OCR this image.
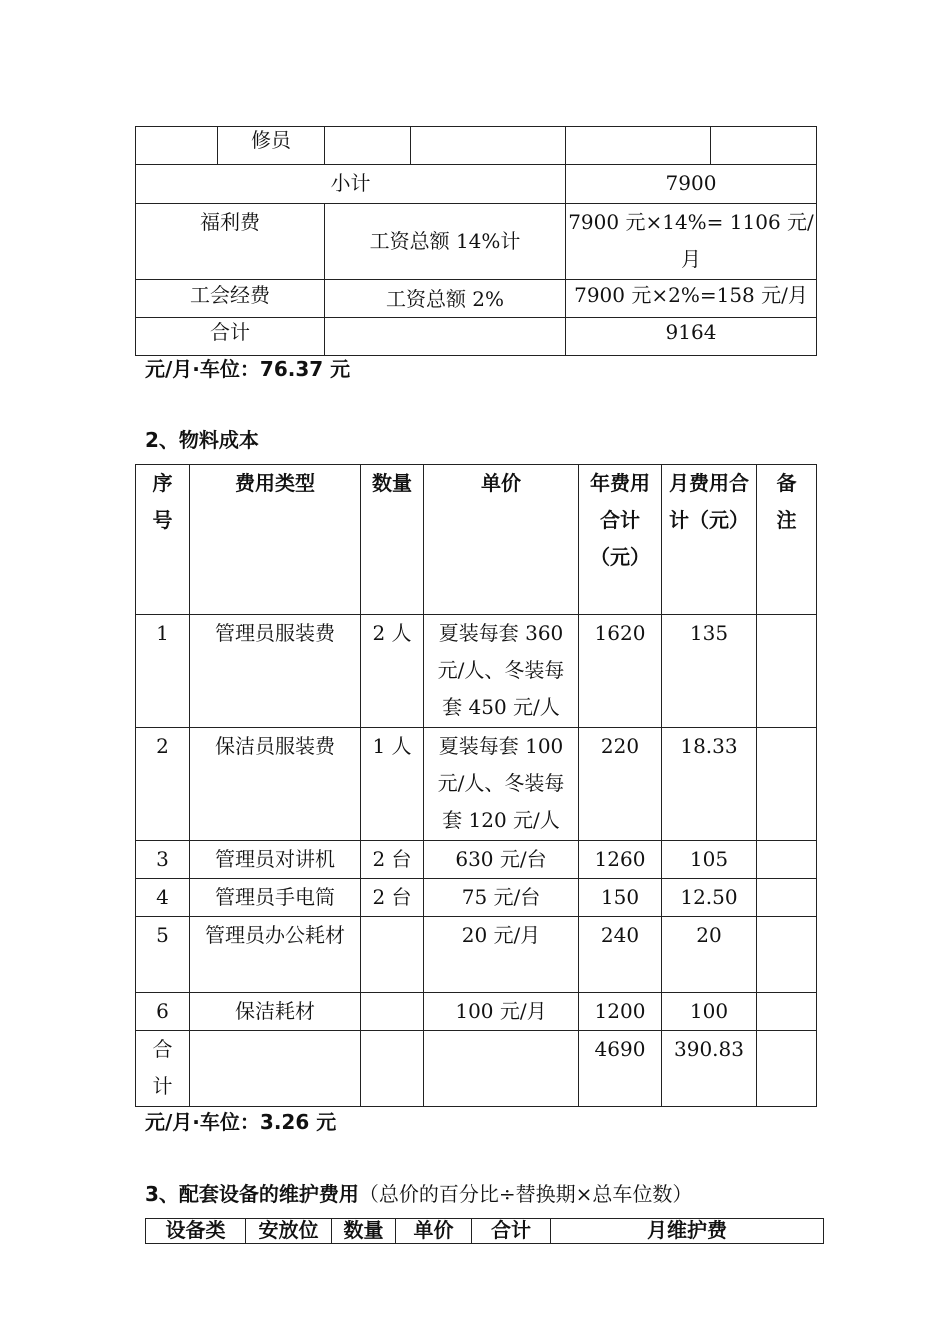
	修员				
小计				7900	
福利费		工资总额 14%计		7900 元×14%= 1106 元/月	

工会经费		工资总额 2%		7900 元×2%=158 元/月	
合计				9164	
元/月·车位：76.37 元
2、物料成本
序号	费用类型	数量	单价	年费用 合计（元）	月费用合计（元）	备注

1	管理员服装费	2 人	夏装每套 360 元/人、冬装每套 450 元/人	1620	135	
2	保洁员服装费	1 人	夏装每套 100 元/人、冬装每套 120 元/人	220	18.33	
3	管理员对讲机	2 台	630 元/台	1260	105	
4	管理员手电筒	2 台	75 元/台	150	12.50	
5	管理员办公耗材		20 元/月	240	20	
6	保洁耗材		100 元/月	1200	100	

合计				4690	390.83	
元/月·车位：3.26 元
3、配套设备的维护费用（总价的百分比÷替换期×总车位数）
设备类	安放位	数量	单价	合计	月维护费
